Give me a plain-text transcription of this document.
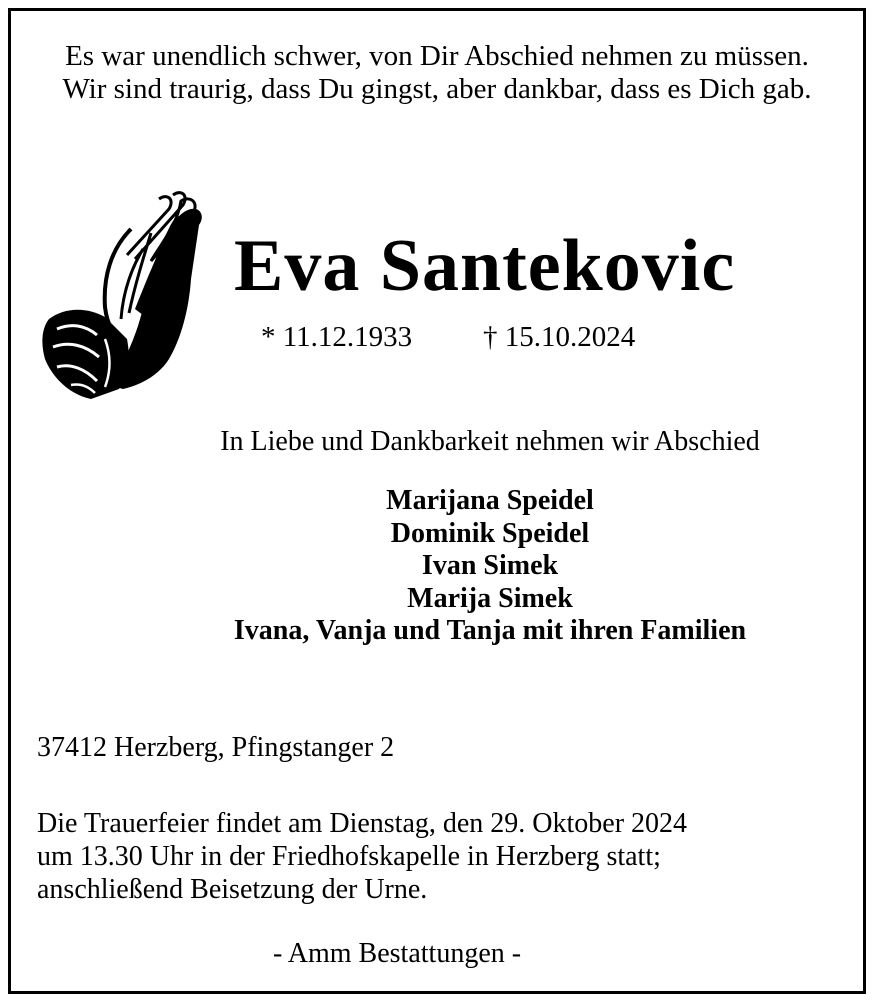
Es war unendlich schwer, von Dir Abschied nehmen zu müssen.
Wir sind traurig, dass Du gingst, aber dankbar, dass es Dich gab.
Eva Santekovic
* 11.12.1933 † 15.10.2024
In Liebe und Dankbarkeit nehmen wir Abschied
Marijana Speidel
Dominik Speidel
Ivan Simek
Marija Simek
Ivana, Vanja und Tanja mit ihren Familien
37412 Herzberg, Pfingstanger 2
Die Trauerfeier findet am Dienstag, den 29. Oktober 2024
um 13.30 Uhr in der Friedhofskapelle in Herzberg statt;
anschließend Beisetzung der Urne.
- Amm Bestattungen -
